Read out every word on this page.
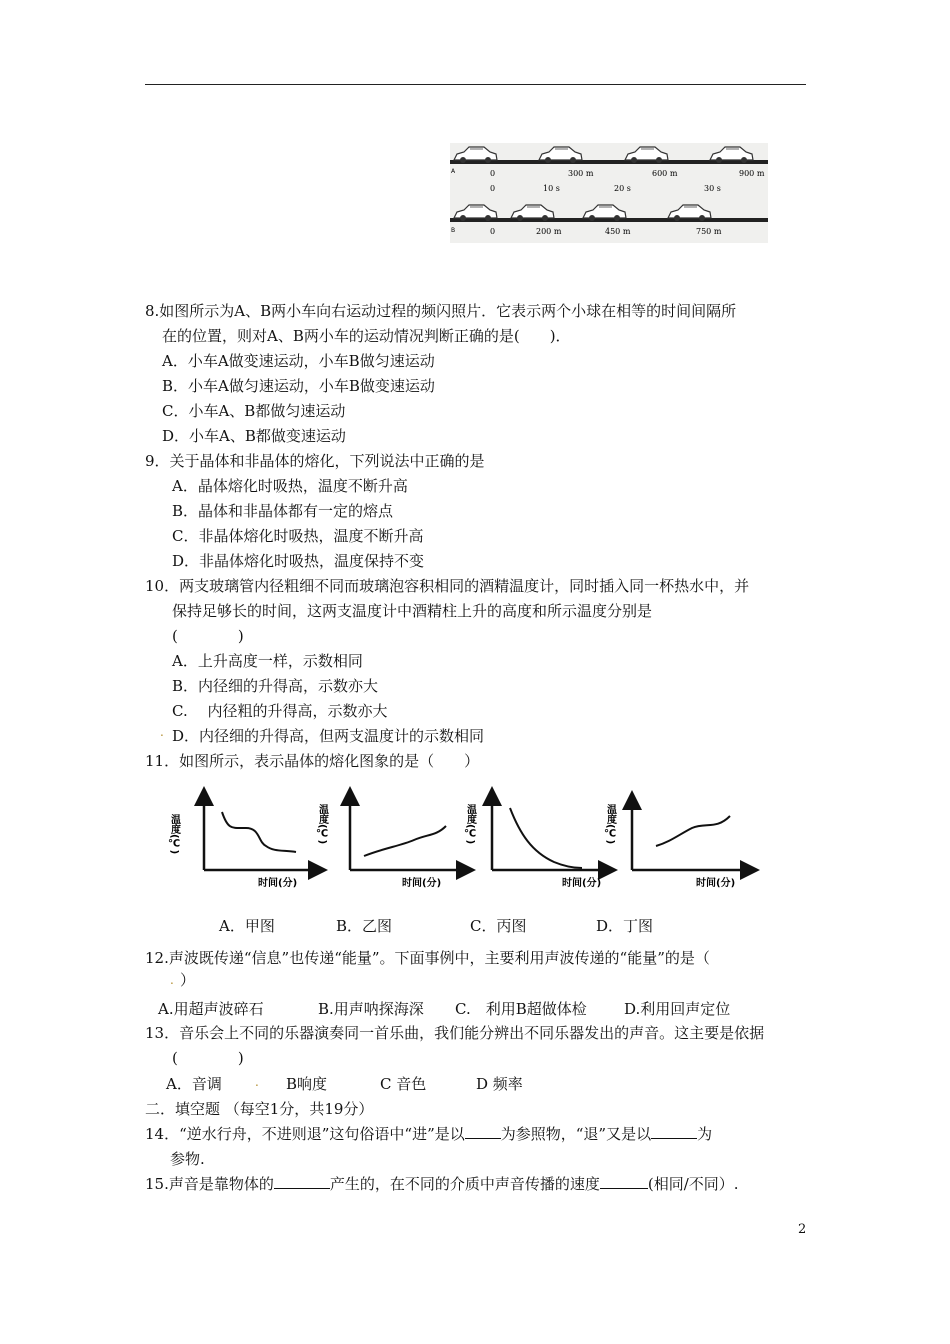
A	0	300 m	600 m	900 m
0	10 s	20 s	30 s
B	0	200 m	450 m	750 m
8.如图所示为A、B两小车向右运动过程的频闪照片．它表示两个小球在相等的时间间隔所
在的位置，则对A、B两小车的运动情况判断正确的是(　　)．
A．小车A做变速运动，小车B做匀速运动
B．小车A做匀速运动，小车B做变速运动
C．小车A、B都做匀速运动
D．小车A、B都做变速运动
9．关于晶体和非晶体的熔化，下列说法中正确的是
A．晶体熔化时吸热，温度不断升高
B．晶体和非晶体都有一定的熔点
C．非晶体熔化时吸热，温度不断升高
D．非晶体熔化时吸热，温度保持不变
10．两支玻璃管内径粗细不同而玻璃泡容积相同的酒精温度计，同时插入同一杯热水中，并
保持足够长的时间，这两支温度计中酒精柱上升的高度和所示温度分别是
(　　　　)
A．上升高度一样，示数相同
B．内径细的升得高，示数亦大
C.　 内径粗的升得高，示数亦大
. D．内径细的升得高，但两支温度计的示数相同
11．如图所示，表示晶体的熔化图象的是（　　）
温度(℃)
时间(分)
温度(℃)
时间(分)
温度(℃)
时间(分)
温度(℃)
时间(分)
A．甲图	B．乙图	C．丙图	D．丁图
12.声波既传递“信息”也传递“能量”。下面事例中，主要利用声波传递的“能量”的是（
. ）
A.用超声波碎石	B.用声呐探海深 C.　利用B超做体检 D.利用回声定位
13．音乐会上不同的乐器演奏同一首乐曲，我们能分辨出不同乐器发出的声音。这主要是依据
(　　　　)
A．音调	. B响度	C 音色	D 频率
二．填空题 （每空1分，共19分）
14．“逆水行舟，不进则退”这句俗语中“进”是以 为参照物，“退”又是以	为
参物.
15.声音是靠物体的	产生的，在不同的介质中声音传播的速度	(相同/不同）.
2
